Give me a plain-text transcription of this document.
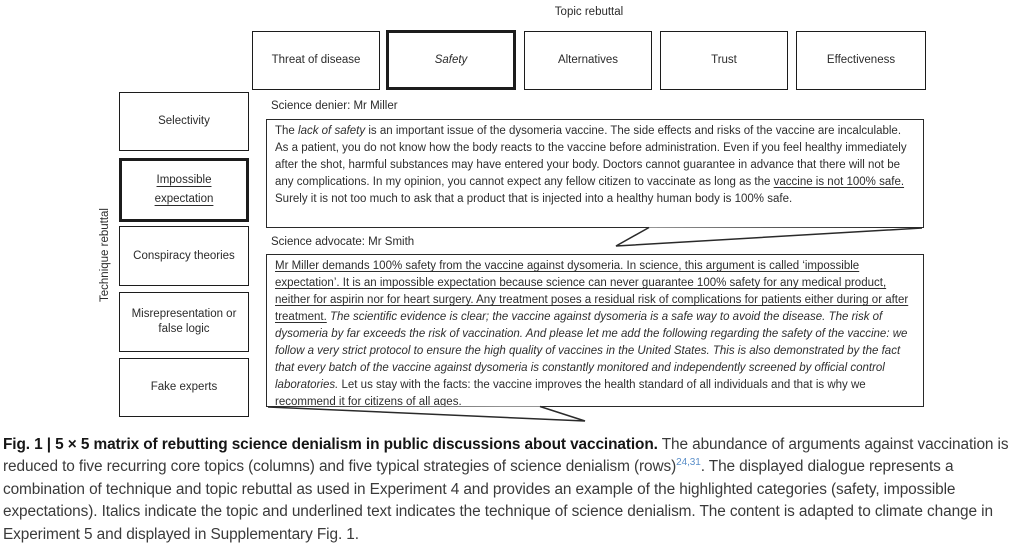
Topic rebuttal
Technique rebuttal
Threat of disease	Safety	Alternatives	Trust	Effectiveness
Selectivity
Impossible expectation
Conspiracy theories
Misrepresentation or false logic
Fake experts
Science denier: Mr Miller
The lack of safety is an important issue of the dysomeria vaccine. The side effects and risks of the vaccine are incalculable. As a patient, you do not know how the body reacts to the vaccine before administration. Even if you feel healthy immediately after the shot, harmful substances may have entered your body. Doctors cannot guarantee in advance that there will not be any complications. In my opinion, you cannot expect any fellow citizen to vaccinate as long as the vaccine is not 100% safe. Surely it is not too much to ask that a product that is injected into a healthy human body is 100% safe.
Science advocate: Mr Smith
Mr Miller demands 100% safety from the vaccine against dysomeria. In science, this argument is called ‘impossible expectation’. It is an impossible expectation because science can never guarantee 100% safety for any medical product, neither for aspirin nor for heart surgery. Any treatment poses a residual risk of complications for patients either during or after treatment. The scientific evidence is clear; the vaccine against dysomeria is a safe way to avoid the disease. The risk of dysomeria by far exceeds the risk of vaccination. And please let me add the following regarding the safety of the vaccine: we follow a very strict protocol to ensure the high quality of vaccines in the United States. This is also demonstrated by the fact that every batch of the vaccine against dysomeria is constantly monitored and independently screened by official control laboratories. Let us stay with the facts: the vaccine improves the health standard of all individuals and that is why we recommend it for citizens of all ages.
Fig. 1 | 5 × 5 matrix of rebutting science denialism in public discussions about vaccination. The abundance of arguments against vaccination is reduced to five recurring core topics (columns) and five typical strategies of science denialism (rows)$^{24,31}$. The displayed dialogue represents a combination of technique and topic rebuttal as used in Experiment 4 and provides an example of the highlighted categories (safety, impossible expectations). Italics indicate the topic and underlined text indicates the technique of science denialism. The content is adapted to climate change in Experiment 5 and displayed in Supplementary Fig. 1.
